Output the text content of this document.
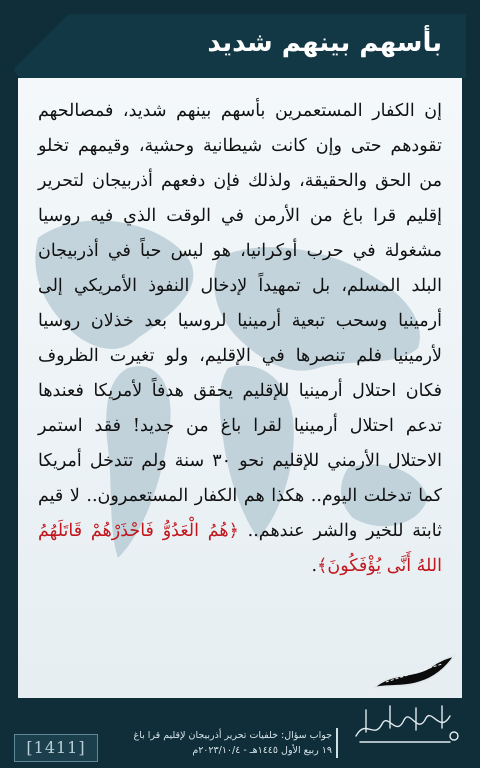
بأسهم بينهم شديد
إن الكفار المستعمرين بأسهم بينهم شديد، فمصالحهم تقودهم حتى وإن كانت شيطانية وحشية، وقيمهم تخلو من الحق والحقيقة، ولذلك فإن دفعهم أذربيجان لتحرير إقليم قرا باغ من الأرمن في الوقت الذي فيه روسيا مشغولة في حرب أوكرانيا، هو ليس حباً في أذربيجان البلد المسلم، بل تمهيداً لإدخال النفوذ الأمريكي إلى أرمينيا وسحب تبعية أرمينيا لروسيا بعد خذلان روسيا لأرمينيا فلم تنصرها في الإقليم، ولو تغيرت الظروف فكان احتلال أرمينيا للإقليم يحقق هدفاً لأمريكا فعندها تدعم احتلال أرمينيا لقرا باغ من جديد! فقد استمر الاحتلال الأرمني للإقليم نحو ٣٠ سنة ولم تتدخل أمريكا كما تدخلت اليوم.. هكذا هم الكفار المستعمرون.. لا قيم ثابتة للخير والشر عندهم.. ﴿هُمُ الْعَدُوُّ فَاحْذَرْهُمْ قَاتَلَهُمُ اللهُ أَنَّى يُؤْفَكُونَ﴾.
جواب سؤال: خلفيات تحرير أذربيجان لإقليم قرا باغ
١٩ ربيع الأول ١٤٤٥هـ - ٢٠٢٣/١٠/٤م
[1411]
